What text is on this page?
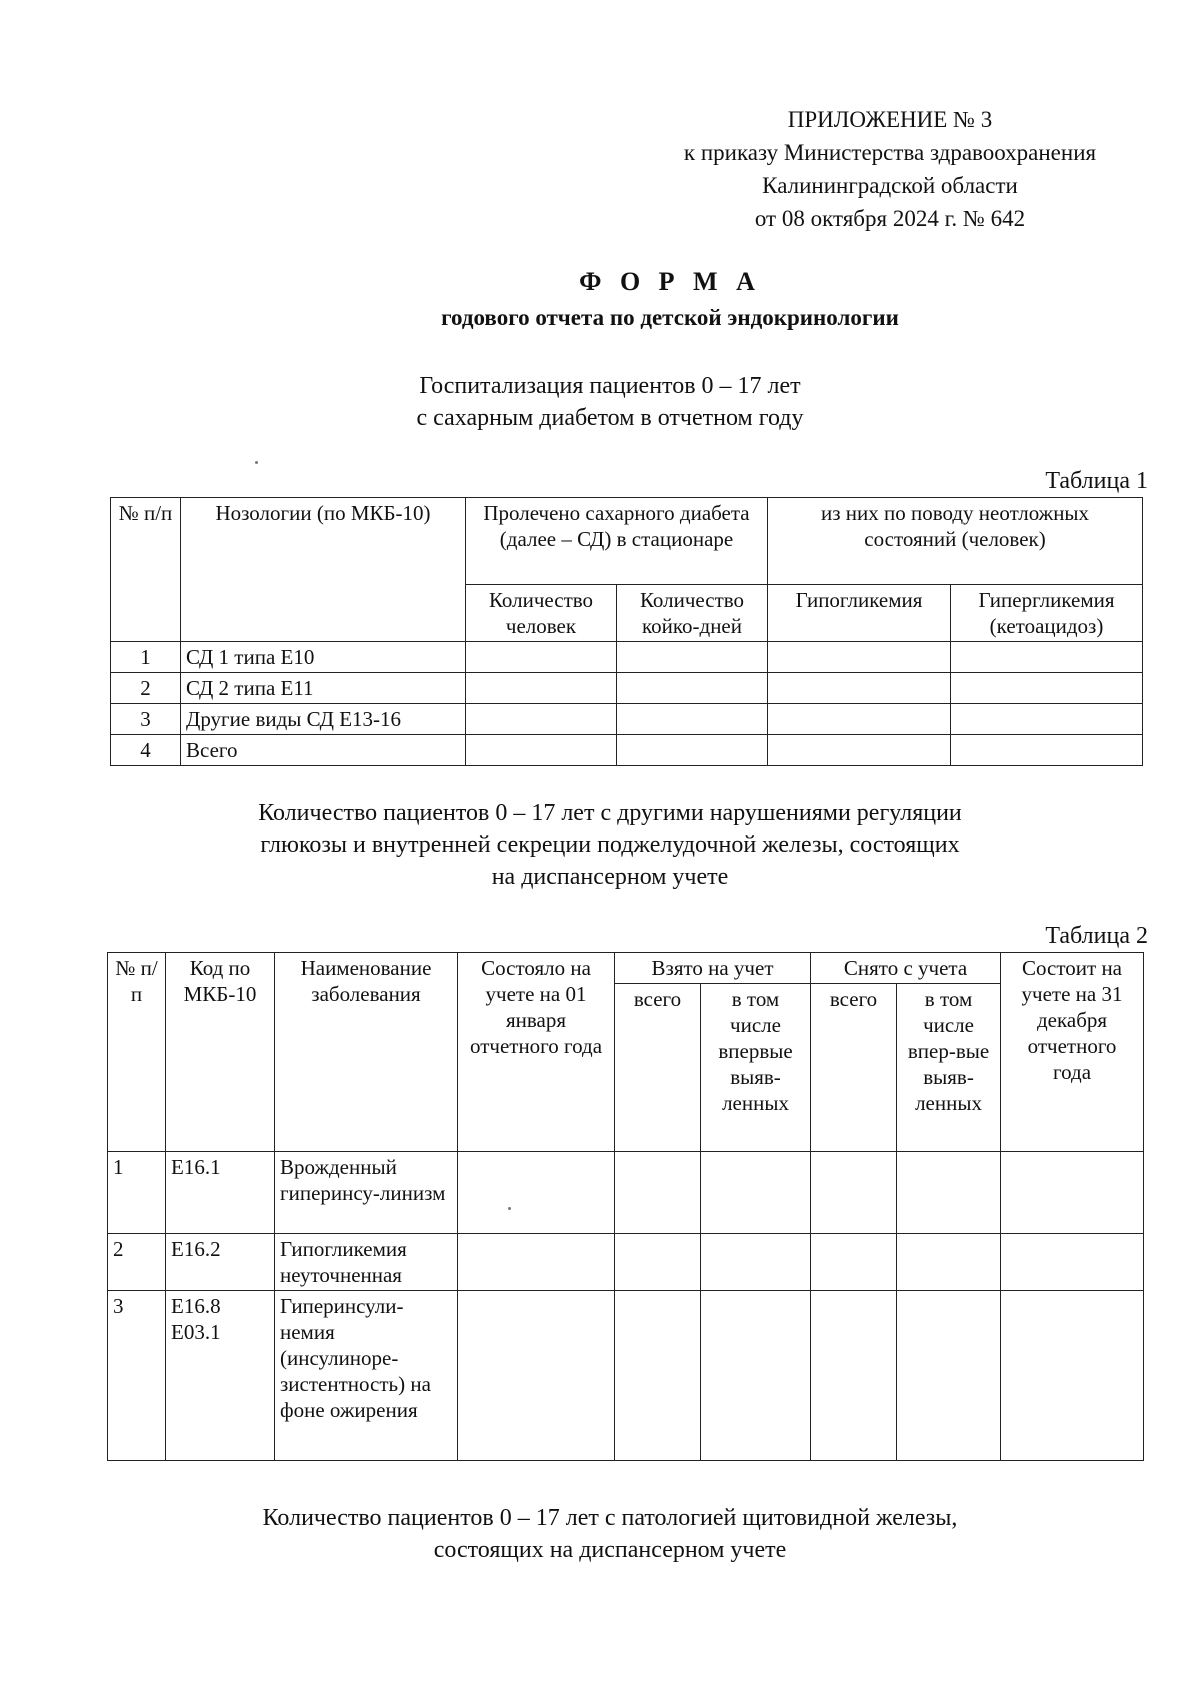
ПРИЛОЖЕНИЕ № 3
к приказу Министерства здравоохранения
Калининградской области
от 08 октября 2024 г. № 642
Ф О Р М А
годового отчета по детской эндокринологии
Госпитализация пациентов 0 – 17 лет
с сахарным диабетом в отчетном году
Таблица 1
№ п/п	Нозологии (по МКБ-10)	Пролечено сахарного диабета (далее – СД) в стационаре		из них по поводу неотложных состояний (человек)	
		Количество человек	Количество койко-дней	Гипогликемия	Гипергликемия (кетоацидоз)
1	СД 1 типа Е10				
2	СД 2 типа Е11				
3	Другие виды СД Е13-16				
4	Всего				
Количество пациентов 0 – 17 лет с другими нарушениями регуляции
глюкозы и внутренней секреции поджелудочной железы, состоящих
на диспансерном учете
Таблица 2
№ п/п	Код по МКБ-10	Наименование заболевания	Состояло на учете на 01 января отчетного года	Взято на учет		Снято с учета		Состоит на учете на 31 декабря отчетного года
				всего	в том числе впервые выяв-ленных	всего	в том числе впер-вые выяв-ленных	
1	Е16.1	Врожденный гиперинсу-линизм						
2	Е16.2	Гипогликемия неуточненная						
3	Е16.8 Е03.1	Гиперинсули-немия (инсулиноре-зистентность) на фоне ожирения						
Количество пациентов 0 – 17 лет с патологией щитовидной железы,
состоящих на диспансерном учете
